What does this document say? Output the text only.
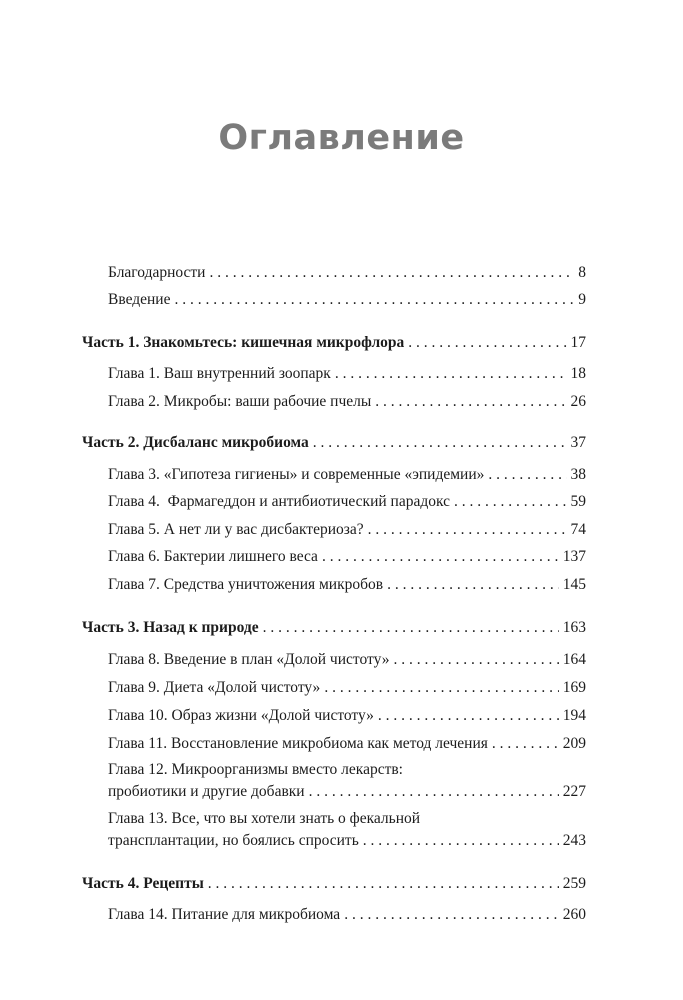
Оглавление
Благодарности . . .	8
Введение . . .	9
Часть 1. Знакомьтесь: кишечная микрофлора . . .	17
Глава 1. Ваш внутренний зоопарк . . .	18
Глава 2. Микробы: ваши рабочие пчелы . . .	26
Часть 2. Дисбаланс микробиома . . .	37
Глава 3. «Гипотеза гигиены» и современные «эпидемии» . . .	38
Глава 4.  Фармагеддон и антибиотический парадокс . . .	59
Глава 5. А нет ли у вас дисбактериоза? . . .	74
Глава 6. Бактерии лишнего веса . . .	137
Глава 7. Средства уничтожения микробов . . .	145
Часть 3. Назад к природе . . .	163
Глава 8. Введение в план «Долой чистоту» . . .	164
Глава 9. Диета «Долой чистоту» . . .	169
Глава 10. Образ жизни «Долой чистоту» . . .	194
Глава 11. Восстановление микробиома как метод лечения . . .	209
Глава 12. Микроорганизмы вместо лекарств:
пробиотики и другие добавки . . .	227
Глава 13. Все, что вы хотели знать о фекальной
трансплантации, но боялись спросить . . .	243
Часть 4. Рецепты . . .	259
Глава 14. Питание для микробиома . . .	260
